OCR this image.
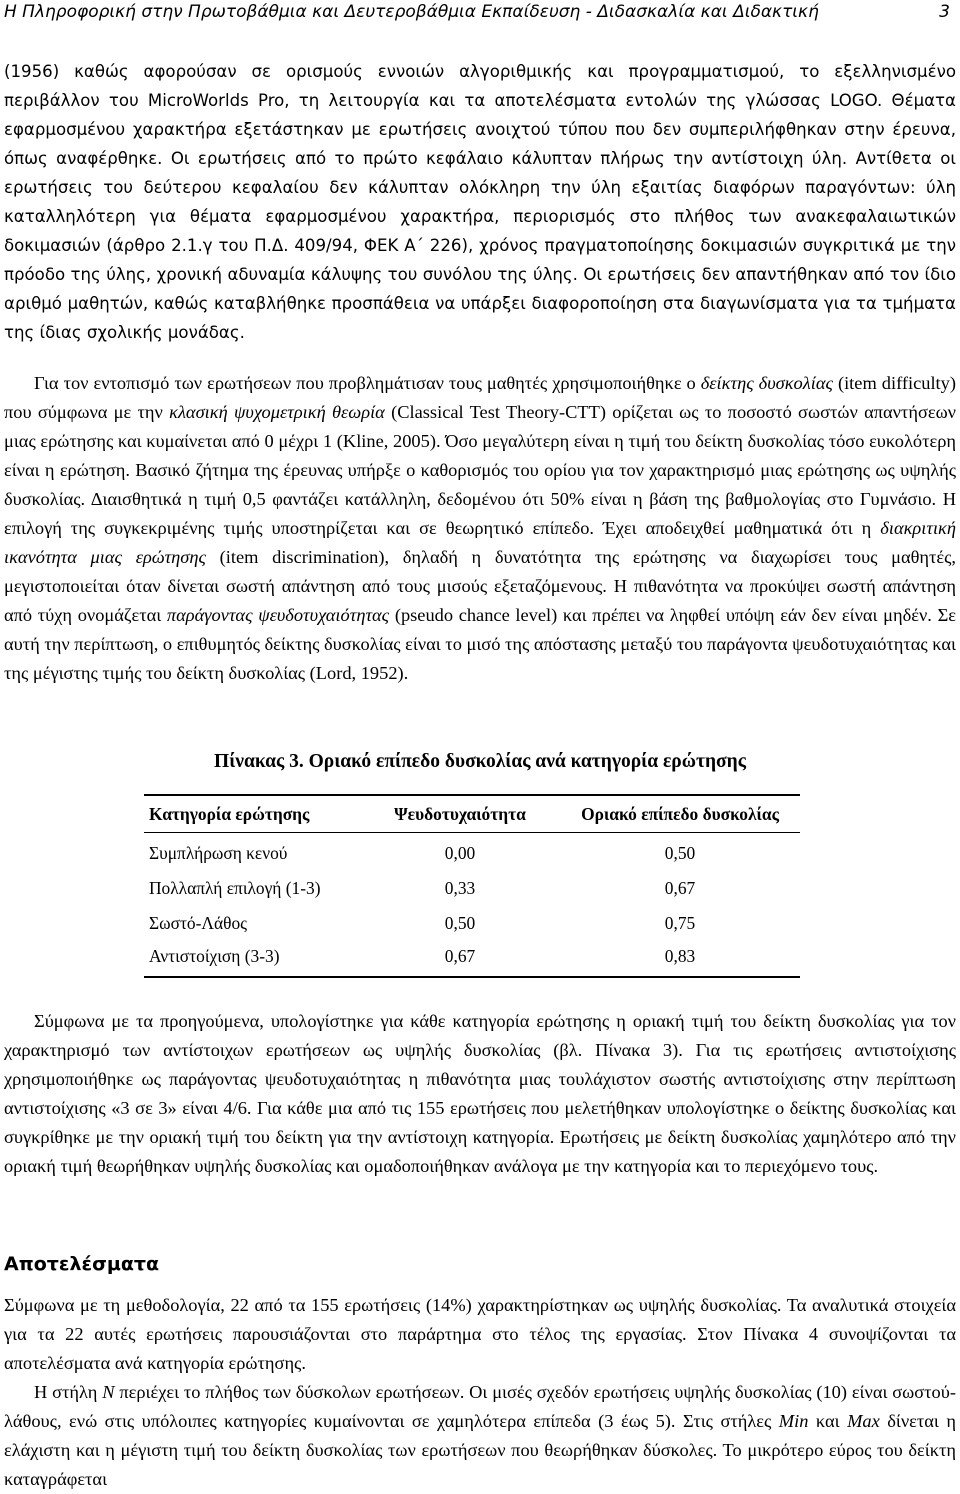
Η Πληροφορική στην Πρωτοβάθμια και Δευτεροβάθμια Εκπαίδευση - Διδασκαλία και Διδακτική	3

(1956) καθώς αφορούσαν σε ορισμούς εννοιών αλγοριθμικής και προγραμματισμού, το εξελληνισμένο περιβάλλον του MicroWorlds Pro, τη λειτουργία και τα αποτελέσματα εντολών της γλώσσας LOGO. Θέματα εφαρμοσμένου χαρακτήρα εξετάστηκαν με ερωτήσεις ανοιχτού τύπου που δεν συμπεριλήφθηκαν στην έρευνα, όπως αναφέρθηκε. Οι ερωτήσεις από το πρώτο κεφάλαιο κάλυπταν πλήρως την αντίστοιχη ύλη. Αντίθετα οι ερωτήσεις του δεύτερου κεφαλαίου δεν κάλυπταν ολόκληρη την ύλη εξαιτίας διαφόρων παραγόντων: ύλη καταλληλότερη για θέματα εφαρμοσμένου χαρακτήρα, περιορισμός στο πλήθος των ανακεφαλαιωτικών δοκιμασιών (άρθρο 2.1.γ του Π.Δ. 409/94, ΦΕΚ Α΄ 226), χρόνος πραγματοποίησης δοκιμασιών συγκριτικά με την πρόοδο της ύλης, χρονική αδυναμία κάλυψης του συνόλου της ύλης. Οι ερωτήσεις δεν απαντήθηκαν από τον ίδιο αριθμό μαθητών, καθώς καταβλήθηκε προσπάθεια να υπάρξει διαφοροποίηση στα διαγωνίσματα για τα τμήματα της ίδιας σχολικής μονάδας.

Για τον εντοπισμό των ερωτήσεων που προβλημάτισαν τους μαθητές χρησιμοποιήθηκε ο δείκτης δυσκολίας (item difficulty) που σύμφωνα με την κλασική ψυχομετρική θεωρία (Classical Test Theory-CTT) ορίζεται ως το ποσοστό σωστών απαντήσεων μιας ερώτησης και κυμαίνεται από 0 μέχρι 1 (Kline, 2005). Όσο μεγαλύτερη είναι η τιμή του δείκτη δυσκολίας τόσο ευκολότερη είναι η ερώτηση. Βασικό ζήτημα της έρευνας υπήρξε ο καθορισμός του ορίου για τον χαρακτηρισμό μιας ερώτησης ως υψηλής δυσκολίας. Διαισθητικά η τιμή 0,5 φαντάζει κατάλληλη, δεδομένου ότι 50% είναι η βάση της βαθμολογίας στο Γυμνάσιο. Η επιλογή της συγκεκριμένης τιμής υποστηρίζεται και σε θεωρητικό επίπεδο. Έχει αποδειχθεί μαθηματικά ότι η διακριτική ικανότητα μιας ερώτησης (item discrimination), δηλαδή η δυνατότητα της ερώτησης να διαχωρίσει τους μαθητές, μεγιστοποιείται όταν δίνεται σωστή απάντηση από τους μισούς εξεταζόμενους. Η πιθανότητα να προκύψει σωστή απάντηση από τύχη ονομάζεται παράγοντας ψευδοτυχαιότητας (pseudo chance level) και πρέπει να ληφθεί υπόψη εάν δεν είναι μηδέν. Σε αυτή την περίπτωση, ο επιθυμητός δείκτης δυσκολίας είναι το μισό της απόστασης μεταξύ του παράγοντα ψευδοτυχαιότητας και της μέγιστης τιμής του δείκτη δυσκολίας (Lord, 1952).

Πίνακας 3. Οριακό επίπεδο δυσκολίας ανά κατηγορία ερώτησης
Κατηγορία ερώτησης	Ψευδοτυχαιότητα	Οριακό επίπεδο δυσκολίας
Συμπλήρωση κενού	0,00	0,50
Πολλαπλή επιλογή (1-3)	0,33	0,67
Σωστό-Λάθος	0,50	0,75
Αντιστοίχιση (3-3)	0,67	0,83

Σύμφωνα με τα προηγούμενα, υπολογίστηκε για κάθε κατηγορία ερώτησης η οριακή τιμή του δείκτη δυσκολίας για τον χαρακτηρισμό των αντίστοιχων ερωτήσεων ως υψηλής δυσκολίας (βλ. Πίνακα 3). Για τις ερωτήσεις αντιστοίχισης χρησιμοποιήθηκε ως παράγοντας ψευδοτυχαιότητας η πιθανότητα μιας τουλάχιστον σωστής αντιστοίχισης στην περίπτωση αντιστοίχισης «3 σε 3» είναι 4/6. Για κάθε μια από τις 155 ερωτήσεις που μελετήθηκαν υπολογίστηκε ο δείκτης δυσκολίας και συγκρίθηκε με την οριακή τιμή του δείκτη για την αντίστοιχη κατηγορία. Ερωτήσεις με δείκτη δυσκολίας χαμηλότερο από την οριακή τιμή θεωρήθηκαν υψηλής δυσκολίας και ομαδοποιήθηκαν ανάλογα με την κατηγορία και το περιεχόμενο τους.

Αποτελέσματα

Σύμφωνα με τη μεθοδολογία, 22 από τα 155 ερωτήσεις (14%) χαρακτηρίστηκαν ως υψηλής δυσκολίας. Τα αναλυτικά στοιχεία για τα 22 αυτές ερωτήσεις παρουσιάζονται στο παράρτημα στο τέλος της εργασίας. Στον Πίνακα 4 συνοψίζονται τα αποτελέσματα ανά κατηγορία ερώτησης.

Η στήλη N περιέχει το πλήθος των δύσκολων ερωτήσεων. Οι μισές σχεδόν ερωτήσεις υψηλής δυσκολίας (10) είναι σωστού-λάθους, ενώ στις υπόλοιπες κατηγορίες κυμαίνονται σε χαμηλότερα επίπεδα (3 έως 5). Στις στήλες Min και Max δίνεται η ελάχιστη και η μέγιστη τιμή του δείκτη δυσκολίας των ερωτήσεων που θεωρήθηκαν δύσκολες. Το μικρότερο εύρος του δείκτη καταγράφεται
